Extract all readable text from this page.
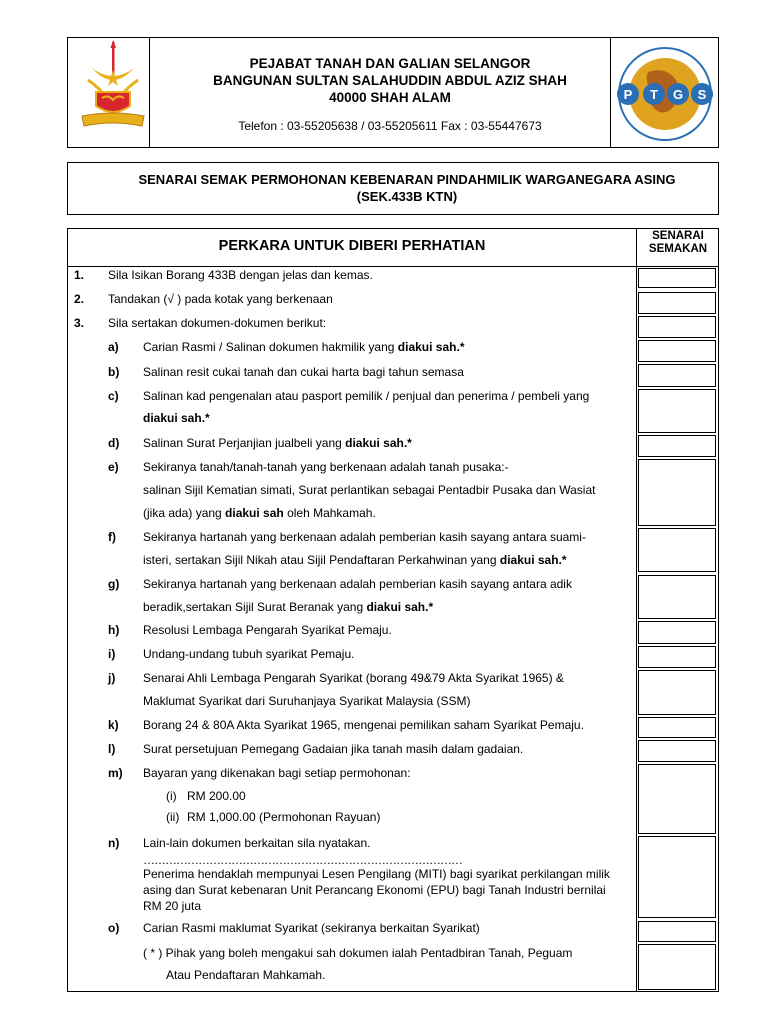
PEJABAT TANAH DAN GALIAN SELANGOR
BANGUNAN SULTAN SALAHUDDIN ABDUL AZIZ SHAH
40000 SHAH ALAM
Telefon : 03-55205638 / 03-55205611 Fax : 03-55447673
P T G S
SENARAI SEMAK PERMOHONAN KEBENARAN PINDAHMILIK WARGANEGARA ASING
(SEK.433B KTN)
PERKARA UNTUK DIBERI PERHATIAN
SENARAI
SEMAKAN
1. Sila Isikan Borang 433B dengan jelas dan kemas.
2. Tandakan (√ ) pada kotak yang berkenaan
3. Sila sertakan dokumen-dokumen berikut:
a) Carian Rasmi / Salinan dokumen hakmilik yang diakui sah.*
b) Salinan resit cukai tanah dan cukai harta bagi tahun semasa
c) Salinan kad pengenalan atau pasport pemilik / penjual dan penerima / pembeli yang
diakui sah.*
d) Salinan Surat Perjanjian jualbeli yang diakui sah.*
e) Sekiranya tanah/tanah-tanah yang berkenaan adalah tanah pusaka:-
salinan Sijil Kematian simati, Surat perlantikan sebagai Pentadbir Pusaka dan Wasiat
(jika ada) yang diakui sah oleh Mahkamah.
f) Sekiranya hartanah yang berkenaan adalah pemberian kasih sayang antara suami-
isteri, sertakan Sijil Nikah atau Sijil Pendaftaran Perkahwinan yang diakui sah.*
g) Sekiranya hartanah yang berkenaan adalah pemberian kasih sayang antara adik
beradik,sertakan Sijil Surat Beranak yang diakui sah.*
h) Resolusi Lembaga Pengarah Syarikat Pemaju.
i) Undang-undang tubuh syarikat Pemaju.
j) Senarai Ahli Lembaga Pengarah Syarikat (borang 49&79 Akta Syarikat 1965) &
Maklumat Syarikat dari Suruhanjaya Syarikat Malaysia (SSM)
k) Borang 24 & 80A Akta Syarikat 1965, mengenai pemilikan saham Syarikat Pemaju.
l) Surat persetujuan Pemegang Gadaian jika tanah masih dalam gadaian.
m) Bayaran yang dikenakan bagi setiap permohonan:
(i) RM 200.00
(ii) RM 1,000.00 (Permohonan Rayuan)
n) Lain-lain dokumen berkaitan sila nyatakan.
……………………………………………………………………………
Penerima hendaklah mempunyai Lesen Pengilang (MITI) bagi syarikat perkilangan milik
asing dan Surat kebenaran Unit Perancang Ekonomi (EPU) bagi Tanah Industri bernilai
RM 20 juta
o) Carian Rasmi maklumat Syarikat (sekiranya berkaitan Syarikat)
( * ) Pihak yang boleh mengakui sah dokumen ialah Pentadbiran Tanah, Peguam
Atau Pendaftaran Mahkamah.
